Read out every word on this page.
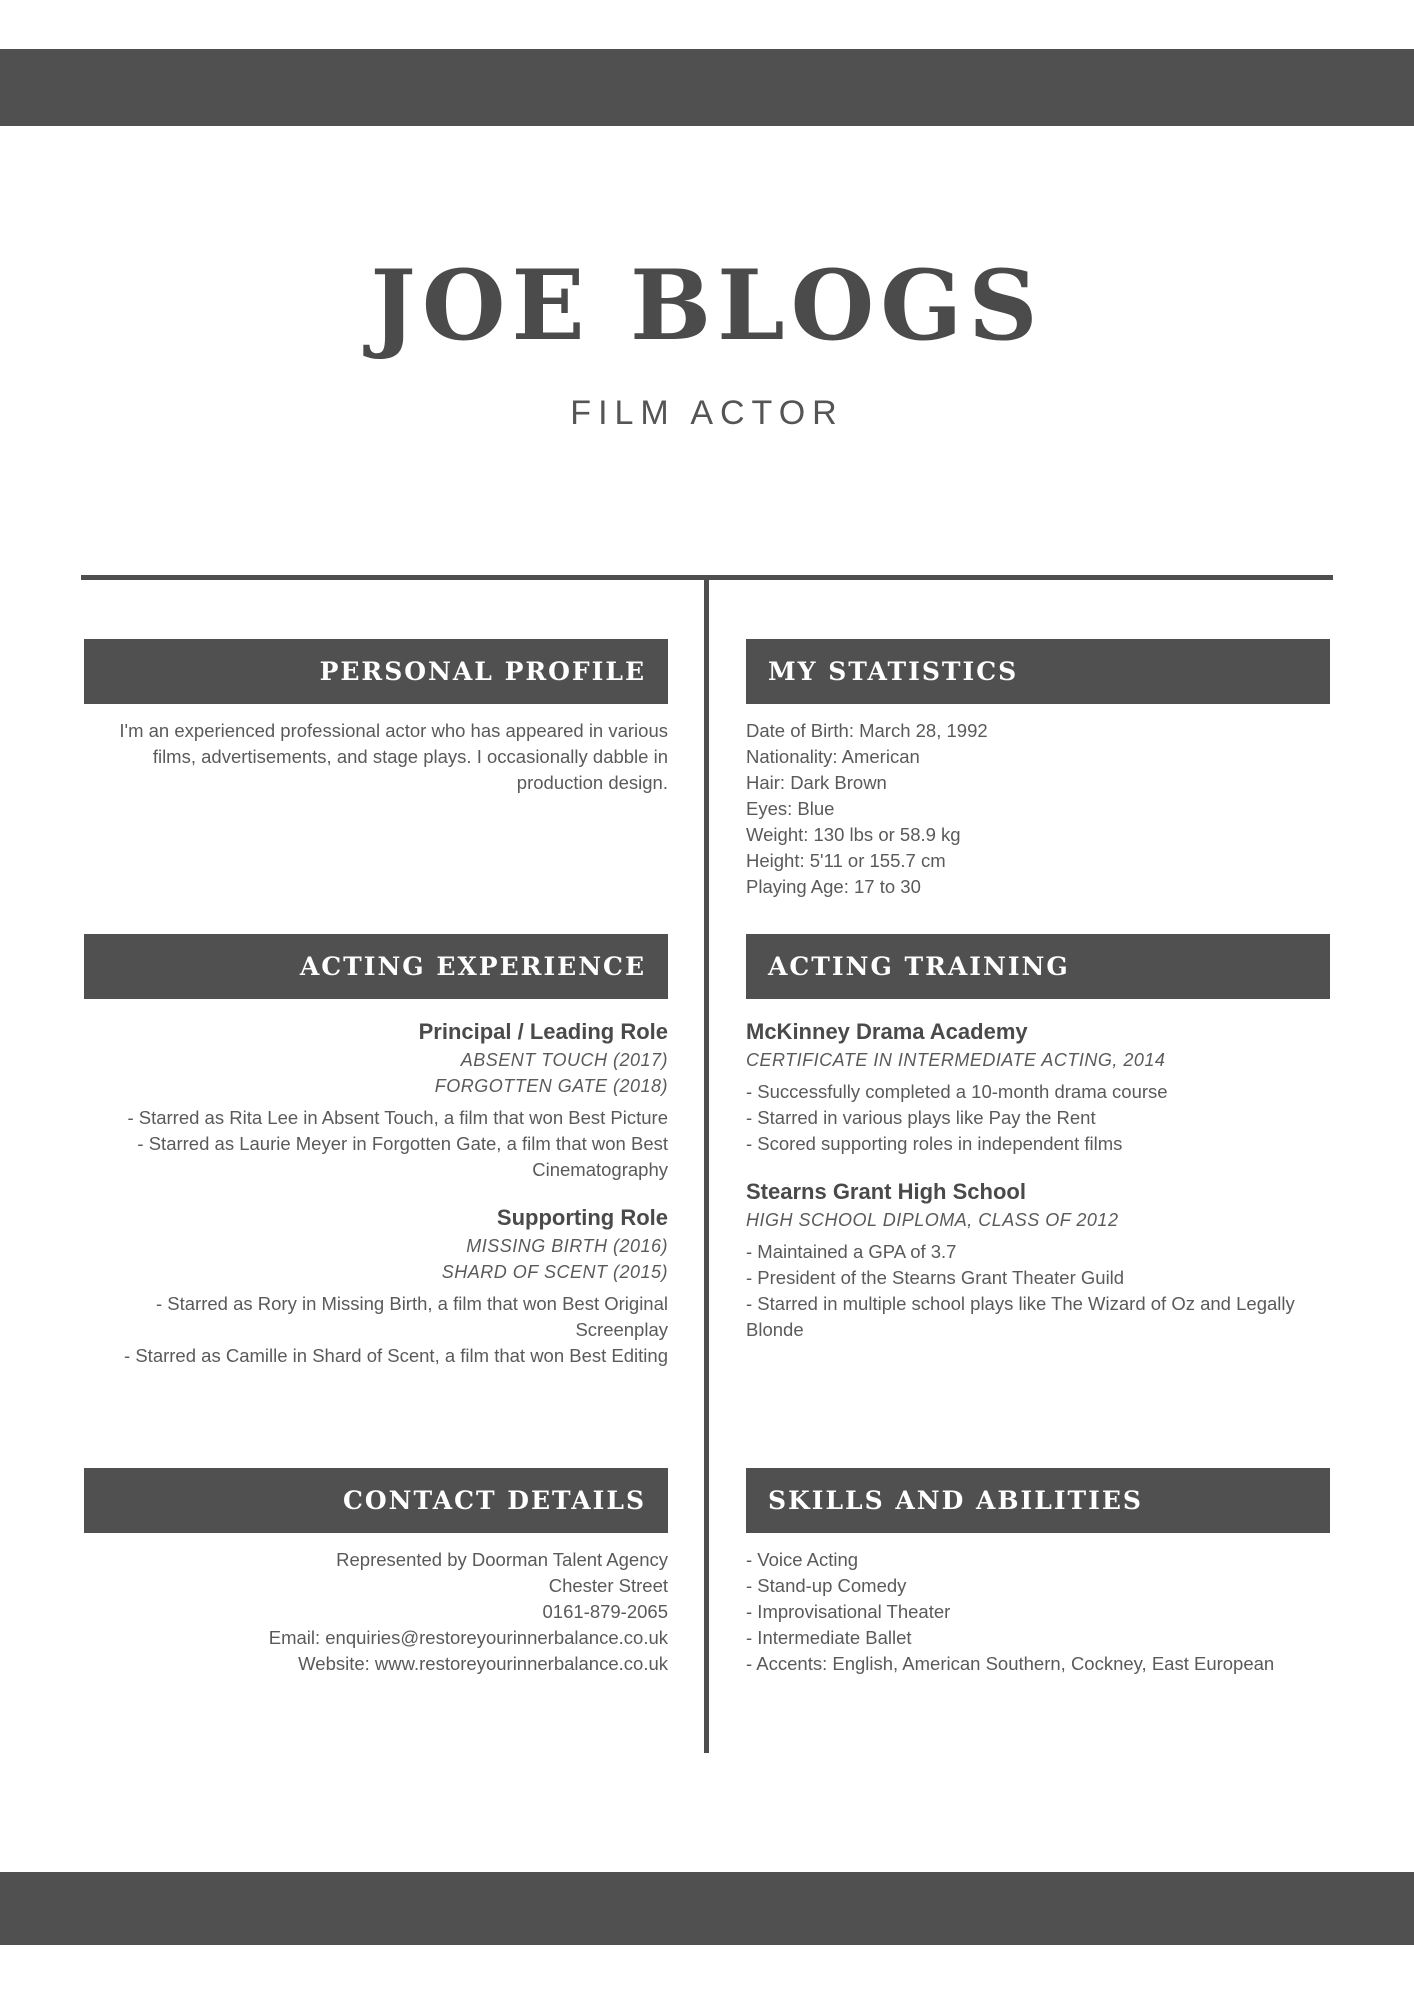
JOE BLOGS
FILM ACTOR
PERSONAL PROFILE
I'm an experienced professional actor who has appeared in various
films, advertisements, and stage plays. I occasionally dabble in
production design.
MY STATISTICS
Date of Birth: March 28, 1992
Nationality: American
Hair: Dark Brown
Eyes: Blue
Weight: 130 lbs or 58.9 kg
Height: 5'11 or 155.7 cm
Playing Age: 17 to 30
ACTING EXPERIENCE
Principal / Leading Role
ABSENT TOUCH (2017)
FORGOTTEN GATE (2018)
- Starred as Rita Lee in Absent Touch, a film that won Best Picture
- Starred as Laurie Meyer in Forgotten Gate, a film that won Best
Cinematography
Supporting Role
MISSING BIRTH (2016)
SHARD OF SCENT (2015)
- Starred as Rory in Missing Birth, a film that won Best Original
Screenplay
- Starred as Camille in Shard of Scent, a film that won Best Editing
ACTING TRAINING
McKinney Drama Academy
CERTIFICATE IN INTERMEDIATE ACTING, 2014
- Successfully completed a 10-month drama course
- Starred in various plays like Pay the Rent
- Scored supporting roles in independent films
Stearns Grant High School
HIGH SCHOOL DIPLOMA, CLASS OF 2012
- Maintained a GPA of 3.7
- President of the Stearns Grant Theater Guild
- Starred in multiple school plays like The Wizard of Oz and Legally
Blonde
CONTACT DETAILS
Represented by Doorman Talent Agency
Chester Street
0161-879-2065
Email: enquiries@restoreyourinnerbalance.co.uk
Website: www.restoreyourinnerbalance.co.uk
SKILLS AND ABILITIES
- Voice Acting
- Stand-up Comedy
- Improvisational Theater
- Intermediate Ballet
- Accents: English, American Southern, Cockney, East European
